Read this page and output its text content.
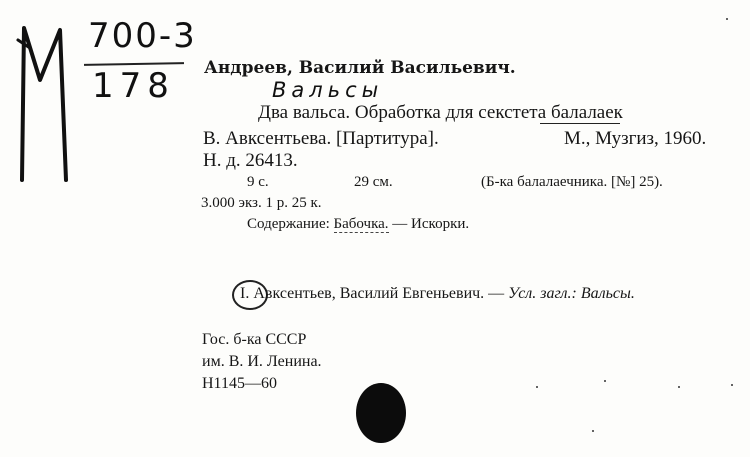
700-3
178 Андреев, Василий Васильевич.
Вальсы
Два вальса. Обработка для секстета балалаек
В. Авксентьева. [Партитура].	М., Музгиз, 1960.
Н. д. 26413.
9 с.	29 см.	(Б-ка балалаечника. [№] 25).
3.000 экз. 1 р. 25 к.
Содержание: Бабочка. — Искорки.
I. Авксентьев, Василий Евгеньевич. — Усл. загл.: Вальсы.
Гос. б-ка СССР
им. В. И. Ленина.
Н1145—60
